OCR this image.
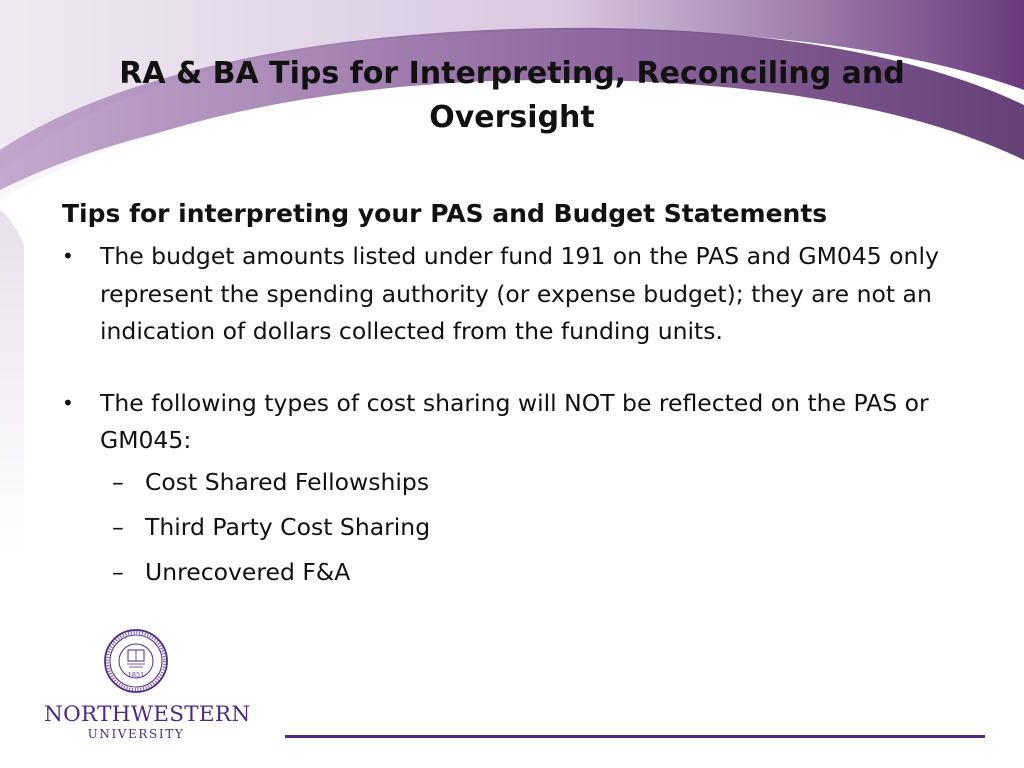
RA & BA Tips for Interpreting, Reconciling and
Oversight
Tips for interpreting your PAS and Budget Statements
• The budget amounts listed under fund 191 on the PAS and GM045 only represent the spending authority (or expense budget); they are not an indication of dollars collected from the funding units.
• The following types of cost sharing will NOT be reflected on the PAS or GM045:
– Cost Shared Fellowships
– Third Party Cost Sharing
– Unrecovered F&A
1851
NORTHWESTERN
UNIVERSITY
